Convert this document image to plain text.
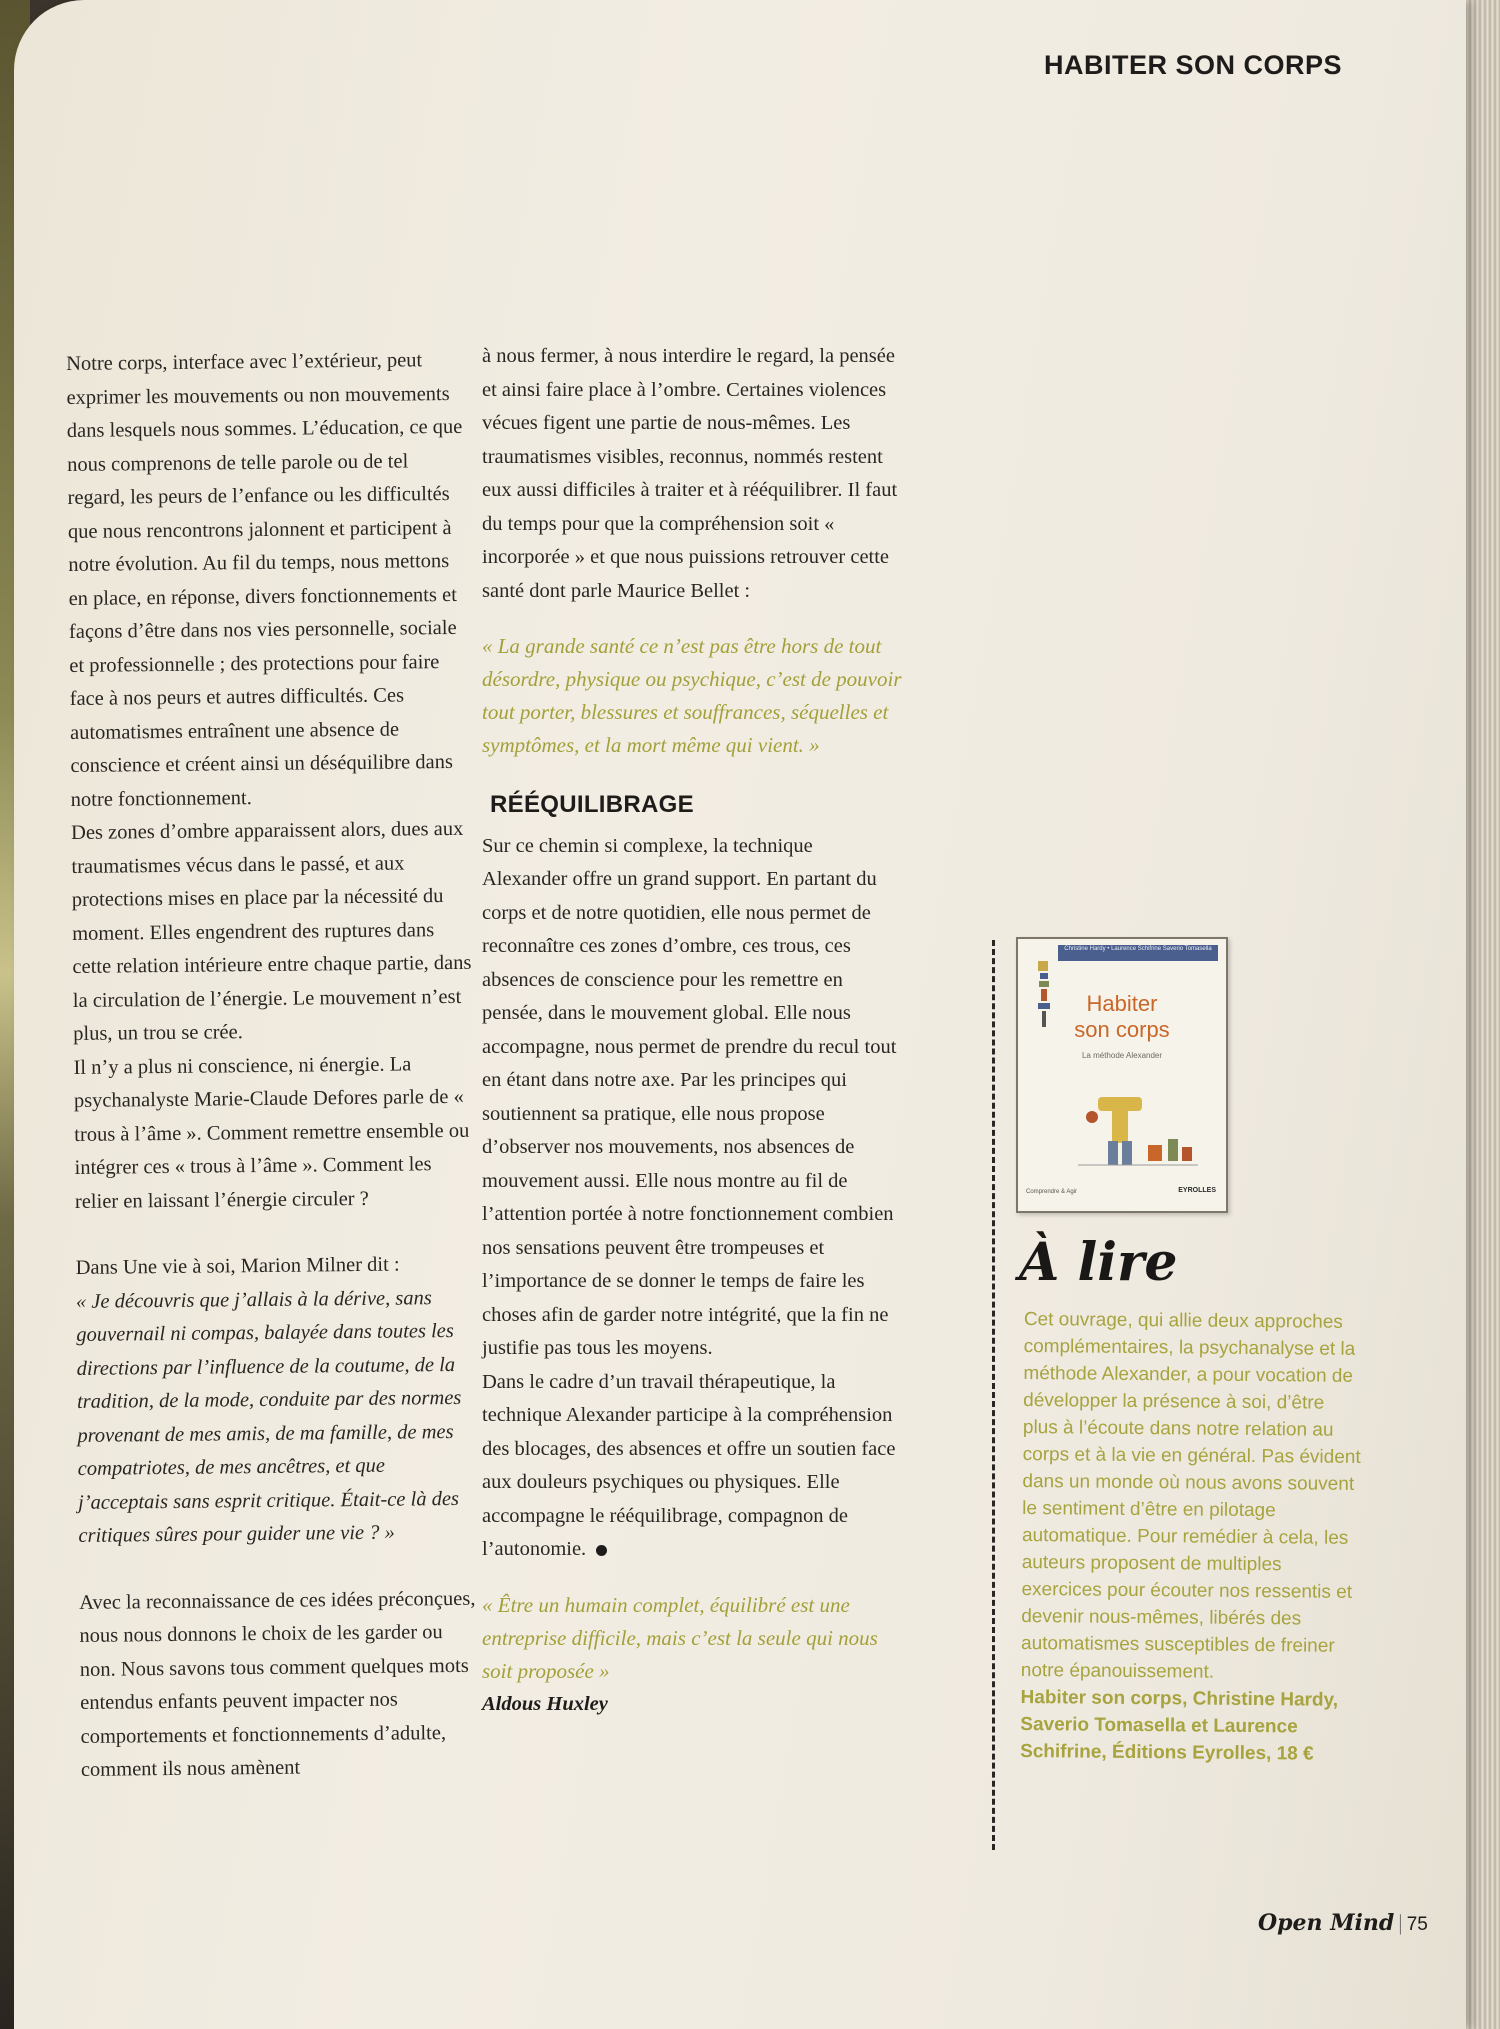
HABITER SON CORPS

Notre corps, interface avec l’extérieur, peut exprimer les mouvements ou non mouvements dans lesquels nous sommes. L’éducation, ce que nous comprenons de telle parole ou de tel regard, les peurs de l’enfance ou les difficultés que nous rencontrons jalonnent et participent à notre évolution. Au fil du temps, nous mettons en place, en réponse, divers fonctionnements et façons d’être dans nos vies personnelle, sociale et professionnelle ; des protections pour faire face à nos peurs et autres difficultés. Ces automatismes entraînent une absence de conscience et créent ainsi un déséquilibre dans notre fonctionnement.

Des zones d’ombre apparaissent alors, dues aux traumatismes vécus dans le passé, et aux protections mises en place par la nécessité du moment. Elles engendrent des ruptures dans cette relation intérieure entre chaque partie, dans la circulation de l’énergie. Le mouvement n’est plus, un trou se crée.

Il n’y a plus ni conscience, ni énergie. La psychanalyste Marie-Claude Defores parle de « trous à l’âme ». Comment remettre ensemble ou intégrer ces « trous à l’âme ». Comment les relier en laissant l’énergie circuler ?

Dans Une vie à soi, Marion Milner dit :

« Je découvris que j’allais à la dérive, sans gouvernail ni compas, balayée dans toutes les directions par l’influence de la coutume, de la tradition, de la mode, conduite par des normes provenant de mes amis, de ma famille, de mes compatriotes, de mes ancêtres, et que j’acceptais sans esprit critique. Était-ce là des critiques sûres pour guider une vie ? »

Avec la reconnaissance de ces idées préconçues, nous nous donnons le choix de les garder ou non. Nous savons tous comment quelques mots entendus enfants peuvent impacter nos comportements et fonctionnements d’adulte, comment ils nous amènent

à nous fermer, à nous interdire le regard, la pensée et ainsi faire place à l’ombre. Certaines violences vécues figent une partie de nous-mêmes. Les traumatismes visibles, reconnus, nommés restent eux aussi difficiles à traiter et à rééquilibrer. Il faut du temps pour que la compréhension soit « incorporée » et que nous puissions retrouver cette santé dont parle Maurice Bellet :

« La grande santé ce n’est pas être hors de tout désordre, physique ou psychique, c’est de pouvoir tout porter, blessures et souffrances, séquelles et symptômes, et la mort même qui vient. »

RÉÉQUILIBRAGE

Sur ce chemin si complexe, la technique Alexander offre un grand support. En partant du corps et de notre quotidien, elle nous permet de reconnaître ces zones d’ombre, ces trous, ces absences de conscience pour les remettre en pensée, dans le mouvement global. Elle nous accompagne, nous permet de prendre du recul tout en étant dans notre axe. Par les principes qui soutiennent sa pratique, elle nous propose d’observer nos mouvements, nos absences de mouvement aussi. Elle nous montre au fil de l’attention portée à notre fonctionnement combien nos sensations peuvent être trompeuses et l’importance de se donner le temps de faire les choses afin de garder notre intégrité, que la fin ne justifie pas tous les moyens.

Dans le cadre d’un travail thérapeutique, la technique Alexander participe à la compréhension des blocages, des absences et offre un soutien face aux douleurs psychiques ou physiques. Elle accompagne le rééquilibrage, compagnon de l’autonomie.

« Être un humain complet, équilibré est une entreprise difficile, mais c’est la seule qui nous soit proposée »

Aldous Huxley

Christine Hardy • Laurence Schifrine Saverio Tomasella
Habiter
son corps
La méthode Alexander
Comprendre & Agir	EYROLLES
À lire
Cet ouvrage, qui allie deux approches complémentaires, la psychanalyse et la méthode Alexander, a pour vocation de développer la présence à soi, d’être plus à l’écoute dans notre relation au corps et à la vie en général. Pas évident dans un monde où nous avons souvent le sentiment d’être en pilotage automatique. Pour remédier à cela, les auteurs proposent de multiples exercices pour écouter nos ressentis et devenir nous-mêmes, libérés des automatismes susceptibles de freiner notre épanouissement.
Habiter son corps, Christine Hardy, Saverio Tomasella et Laurence Schifrine, Éditions Eyrolles, 18 €
Open Mind | 75
